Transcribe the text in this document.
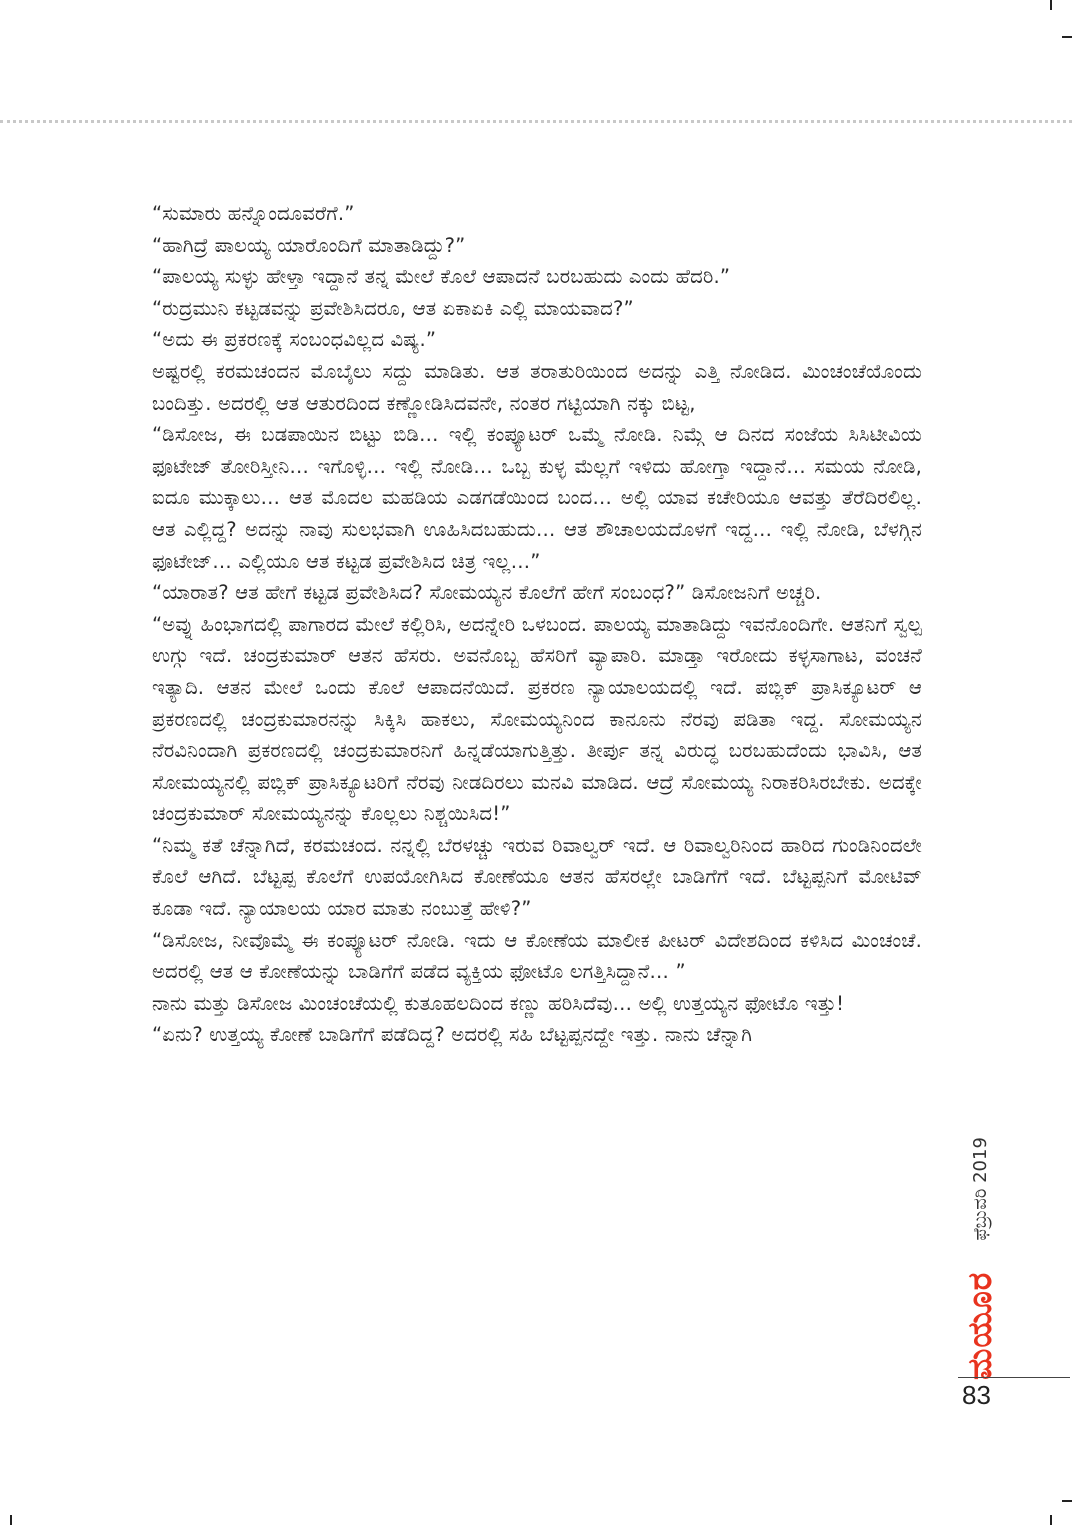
“ಸುಮಾರು ಹನ್ನೊಂದೂವರೆಗೆ.”

“ಹಾಗಿದ್ರೆ ಪಾಲಯ್ಯ ಯಾರೊಂದಿಗೆ ಮಾತಾಡಿದ್ದು?”

“ಪಾಲಯ್ಯ ಸುಳ್ಳು ಹೇಳ್ತಾ ಇದ್ದಾನೆ ತನ್ನ ಮೇಲೆ ಕೊಲೆ ಆಪಾದನೆ ಬರಬಹುದು ಎಂದು ಹೆದರಿ.”

“ರುದ್ರಮುನಿ ಕಟ್ಟಡವನ್ನು ಪ್ರವೇಶಿಸಿದರೂ, ಆತ ಏಕಾಏಕಿ ಎಲ್ಲಿ ಮಾಯವಾದ?”

“ಅದು ಈ ಪ್ರಕರಣಕ್ಕೆ ಸಂಬಂಧವಿಲ್ಲದ ವಿಷ್ಯ.”

ಅಷ್ಟರಲ್ಲಿ ಕರಮಚಂದನ ಮೊಬೈಲು ಸದ್ದು ಮಾಡಿತು. ಆತ ತರಾತುರಿಯಿಂದ ಅದನ್ನು ಎತ್ತಿ ನೋಡಿದ. ಮಿಂಚಂಚೆಯೊಂದು ಬಂದಿತ್ತು. ಅದರಲ್ಲಿ ಆತ ಆತುರದಿಂದ ಕಣ್ಣೋಡಿಸಿದವನೇ, ನಂತರ ಗಟ್ಟಿಯಾಗಿ ನಕ್ಕು ಬಿಟ್ಟ,

“ಡಿಸೋಜ, ಈ ಬಡಪಾಯಿನ ಬಿಟ್ಟು ಬಿಡಿ… ಇಲ್ಲಿ ಕಂಪ್ಯೂಟರ್ ಒಮ್ಮೆ ನೋಡಿ. ನಿಮ್ಗೆ ಆ ದಿನದ ಸಂಜೆಯ ಸಿಸಿಟೀವಿಯ ಫೂಟೇಜ್ ತೋರಿಸ್ತೀನಿ… ಇಗೊಳ್ಳಿ… ಇಲ್ಲಿ ನೋಡಿ… ಒಬ್ಬ ಕುಳ್ಳ ಮೆಲ್ಲಗೆ ಇಳಿದು ಹೋಗ್ತಾ ಇದ್ದಾನೆ… ಸಮಯ ನೋಡಿ, ಐದೂ ಮುಕ್ಕಾಲು… ಆತ ಮೊದಲ ಮಹಡಿಯ ಎಡಗಡೆಯಿಂದ ಬಂದ… ಅಲ್ಲಿ ಯಾವ ಕಚೇರಿಯೂ ಆವತ್ತು ತೆರೆದಿರಲಿಲ್ಲ. ಆತ ಎಲ್ಲಿದ್ದ? ಅದನ್ನು ನಾವು ಸುಲಭವಾಗಿ ಊಹಿಸಿದಬಹುದು… ಆತ ಶೌಚಾಲಯದೊಳಗೆ ಇದ್ದ… ಇಲ್ಲಿ ನೋಡಿ, ಬೆಳಗ್ಗಿನ ಫೂಟೇಜ್… ಎಲ್ಲಿಯೂ ಆತ ಕಟ್ಟಡ ಪ್ರವೇಶಿಸಿದ ಚಿತ್ರ ಇಲ್ಲ…”

“ಯಾರಾತ? ಆತ ಹೇಗೆ ಕಟ್ಟಡ ಪ್ರವೇಶಿಸಿದ? ಸೋಮಯ್ಯನ ಕೊಲೆಗೆ ಹೇಗೆ ಸಂಬಂಧ?” ಡಿಸೋಜನಿಗೆ ಅಚ್ಚರಿ.

“ಅವ್ನು ಹಿಂಭಾಗದಲ್ಲಿ ಪಾಗಾರದ ಮೇಲೆ ಕಲ್ಲಿರಿಸಿ, ಅದನ್ನೇರಿ ಒಳಬಂದ. ಪಾಲಯ್ಯ ಮಾತಾಡಿದ್ದು ಇವನೊಂದಿಗೇ. ಆತನಿಗೆ ಸ್ವಲ್ಪ ಉಗ್ಗು ಇದೆ. ಚಂದ್ರಕುಮಾರ್ ಆತನ ಹೆಸರು. ಅವನೊಬ್ಬ ಹೆಸರಿಗೆ ವ್ಯಾಪಾರಿ. ಮಾಡ್ತಾ ಇರೋದು ಕಳ್ಳಸಾಗಾಟ, ವಂಚನೆ ಇತ್ಯಾದಿ. ಆತನ ಮೇಲೆ ಒಂದು ಕೊಲೆ ಆಪಾದನೆಯಿದೆ. ಪ್ರಕರಣ ನ್ಯಾಯಾಲಯದಲ್ಲಿ ಇದೆ. ಪಬ್ಲಿಕ್ ಪ್ರಾಸಿಕ್ಯೂಟರ್ ಆ ಪ್ರಕರಣದಲ್ಲಿ ಚಂದ್ರಕುಮಾರನನ್ನು ಸಿಕ್ಕಿಸಿ ಹಾಕಲು, ಸೋಮಯ್ಯನಿಂದ ಕಾನೂನು ನೆರವು ಪಡಿತಾ ಇದ್ದ. ಸೋಮಯ್ಯನ ನೆರವಿನಿಂದಾಗಿ ಪ್ರಕರಣದಲ್ಲಿ ಚಂದ್ರಕುಮಾರನಿಗೆ ಹಿನ್ನಡೆಯಾಗುತ್ತಿತ್ತು. ತೀರ್ಪು ತನ್ನ ವಿರುದ್ಧ ಬರಬಹುದೆಂದು ಭಾವಿಸಿ, ಆತ ಸೋಮಯ್ಯನಲ್ಲಿ ಪಬ್ಲಿಕ್ ಪ್ರಾಸಿಕ್ಯೂಟರಿಗೆ ನೆರವು ನೀಡದಿರಲು ಮನವಿ ಮಾಡಿದ. ಆದ್ರೆ ಸೋಮಯ್ಯ ನಿರಾಕರಿಸಿರಬೇಕು. ಅದಕ್ಕೇ ಚಂದ್ರಕುಮಾರ್ ಸೋಮಯ್ಯನನ್ನು ಕೊಲ್ಲಲು ನಿಶ್ಚಯಿಸಿದ!”

“ನಿಮ್ಮ ಕತೆ ಚೆನ್ನಾಗಿದೆ, ಕರಮಚಂದ. ನನ್ನಲ್ಲಿ ಬೆರಳಚ್ಚು ಇರುವ ರಿವಾಲ್ವರ್ ಇದೆ. ಆ ರಿವಾಲ್ವರಿನಿಂದ ಹಾರಿದ ಗುಂಡಿನಿಂದಲೇ ಕೊಲೆ ಆಗಿದೆ. ಬೆಟ್ಟಪ್ಪ ಕೊಲೆಗೆ ಉಪಯೋಗಿಸಿದ ಕೋಣೆಯೂ ಆತನ ಹೆಸರಲ್ಲೇ ಬಾಡಿಗೆಗೆ ಇದೆ. ಬೆಟ್ಟಪ್ಪನಿಗೆ ಮೋಟಿವ್ ಕೂಡಾ ಇದೆ. ನ್ಯಾಯಾಲಯ ಯಾರ ಮಾತು ನಂಬುತ್ತೆ ಹೇಳಿ?”

“ಡಿಸೋಜ, ನೀವೊಮ್ಮೆ ಈ ಕಂಪ್ಯೂಟರ್ ನೋಡಿ. ಇದು ಆ ಕೋಣೆಯ ಮಾಲೀಕ ಪೀಟರ್ ವಿದೇಶದಿಂದ ಕಳಿಸಿದ ಮಿಂಚಂಚೆ. ಅದರಲ್ಲಿ ಆತ ಆ ಕೋಣೆಯನ್ನು ಬಾಡಿಗೆಗೆ ಪಡೆದ ವ್ಯಕ್ತಿಯ ಫೋಟೊ ಲಗತ್ತಿಸಿದ್ದಾನೆ… ”

ನಾನು ಮತ್ತು ಡಿಸೋಜ ಮಿಂಚಂಚೆಯಲ್ಲಿ ಕುತೂಹಲದಿಂದ ಕಣ್ಣು ಹರಿಸಿದೆವು… ಅಲ್ಲಿ ಉತ್ತಯ್ಯನ ಫೋಟೊ ಇತ್ತು!

“ಏನು? ಉತ್ತಯ್ಯ ಕೋಣೆ ಬಾಡಿಗೆಗೆ ಪಡೆದಿದ್ದ? ಅದರಲ್ಲಿ ಸಹಿ ಬೆಟ್ಟಪ್ಪನದ್ದೇ ಇತ್ತು. ನಾನು ಚೆನ್ನಾಗಿ

ಮಯೂರ ಫೆಬ್ರುವರಿ 2019
83
